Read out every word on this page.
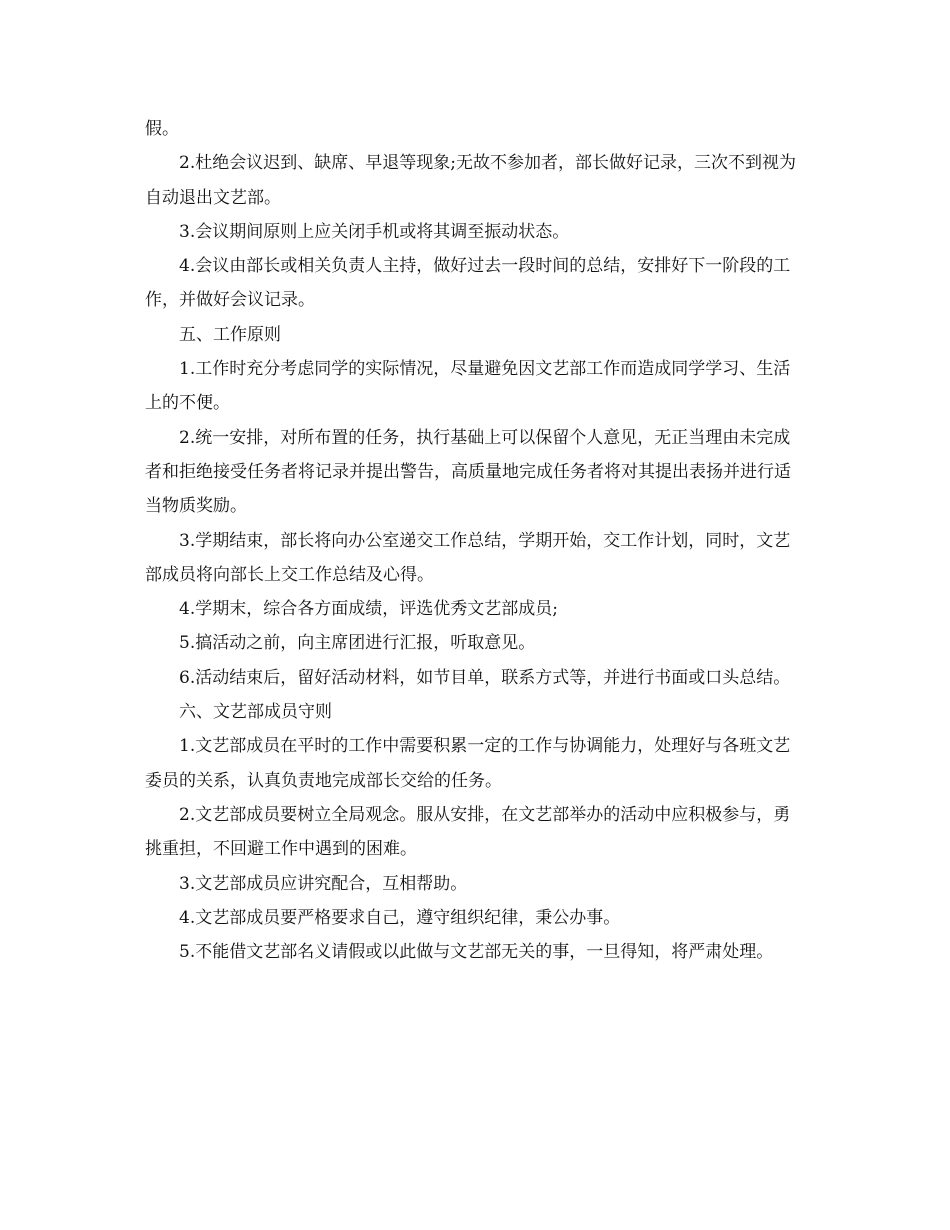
假。

2.杜绝会议迟到、缺席、早退等现象;无故不参加者，部长做好记录，三次不到视为自动退出文艺部。

3.会议期间原则上应关闭手机或将其调至振动状态。

4.会议由部长或相关负责人主持，做好过去一段时间的总结，安排好下一阶段的工作，并做好会议记录。

五、工作原则

1.工作时充分考虑同学的实际情况，尽量避免因文艺部工作而造成同学学习、生活上的不便。

2.统一安排，对所布置的任务，执行基础上可以保留个人意见，无正当理由未完成者和拒绝接受任务者将记录并提出警告，高质量地完成任务者将对其提出表扬并进行适当物质奖励。

3.学期结束，部长将向办公室递交工作总结，学期开始，交工作计划，同时，文艺部成员将向部长上交工作总结及心得。

4.学期末，综合各方面成绩，评选优秀文艺部成员;

5.搞活动之前，向主席团进行汇报，听取意见。

6.活动结束后，留好活动材料，如节目单，联系方式等，并进行书面或口头总结。

六、文艺部成员守则

1.文艺部成员在平时的工作中需要积累一定的工作与协调能力，处理好与各班文艺委员的关系，认真负责地完成部长交给的任务。

2.文艺部成员要树立全局观念。服从安排，在文艺部举办的活动中应积极参与，勇挑重担，不回避工作中遇到的困难。

3.文艺部成员应讲究配合，互相帮助。

4.文艺部成员要严格要求自己，遵守组织纪律，秉公办事。

5.不能借文艺部名义请假或以此做与文艺部无关的事，一旦得知，将严肃处理。
